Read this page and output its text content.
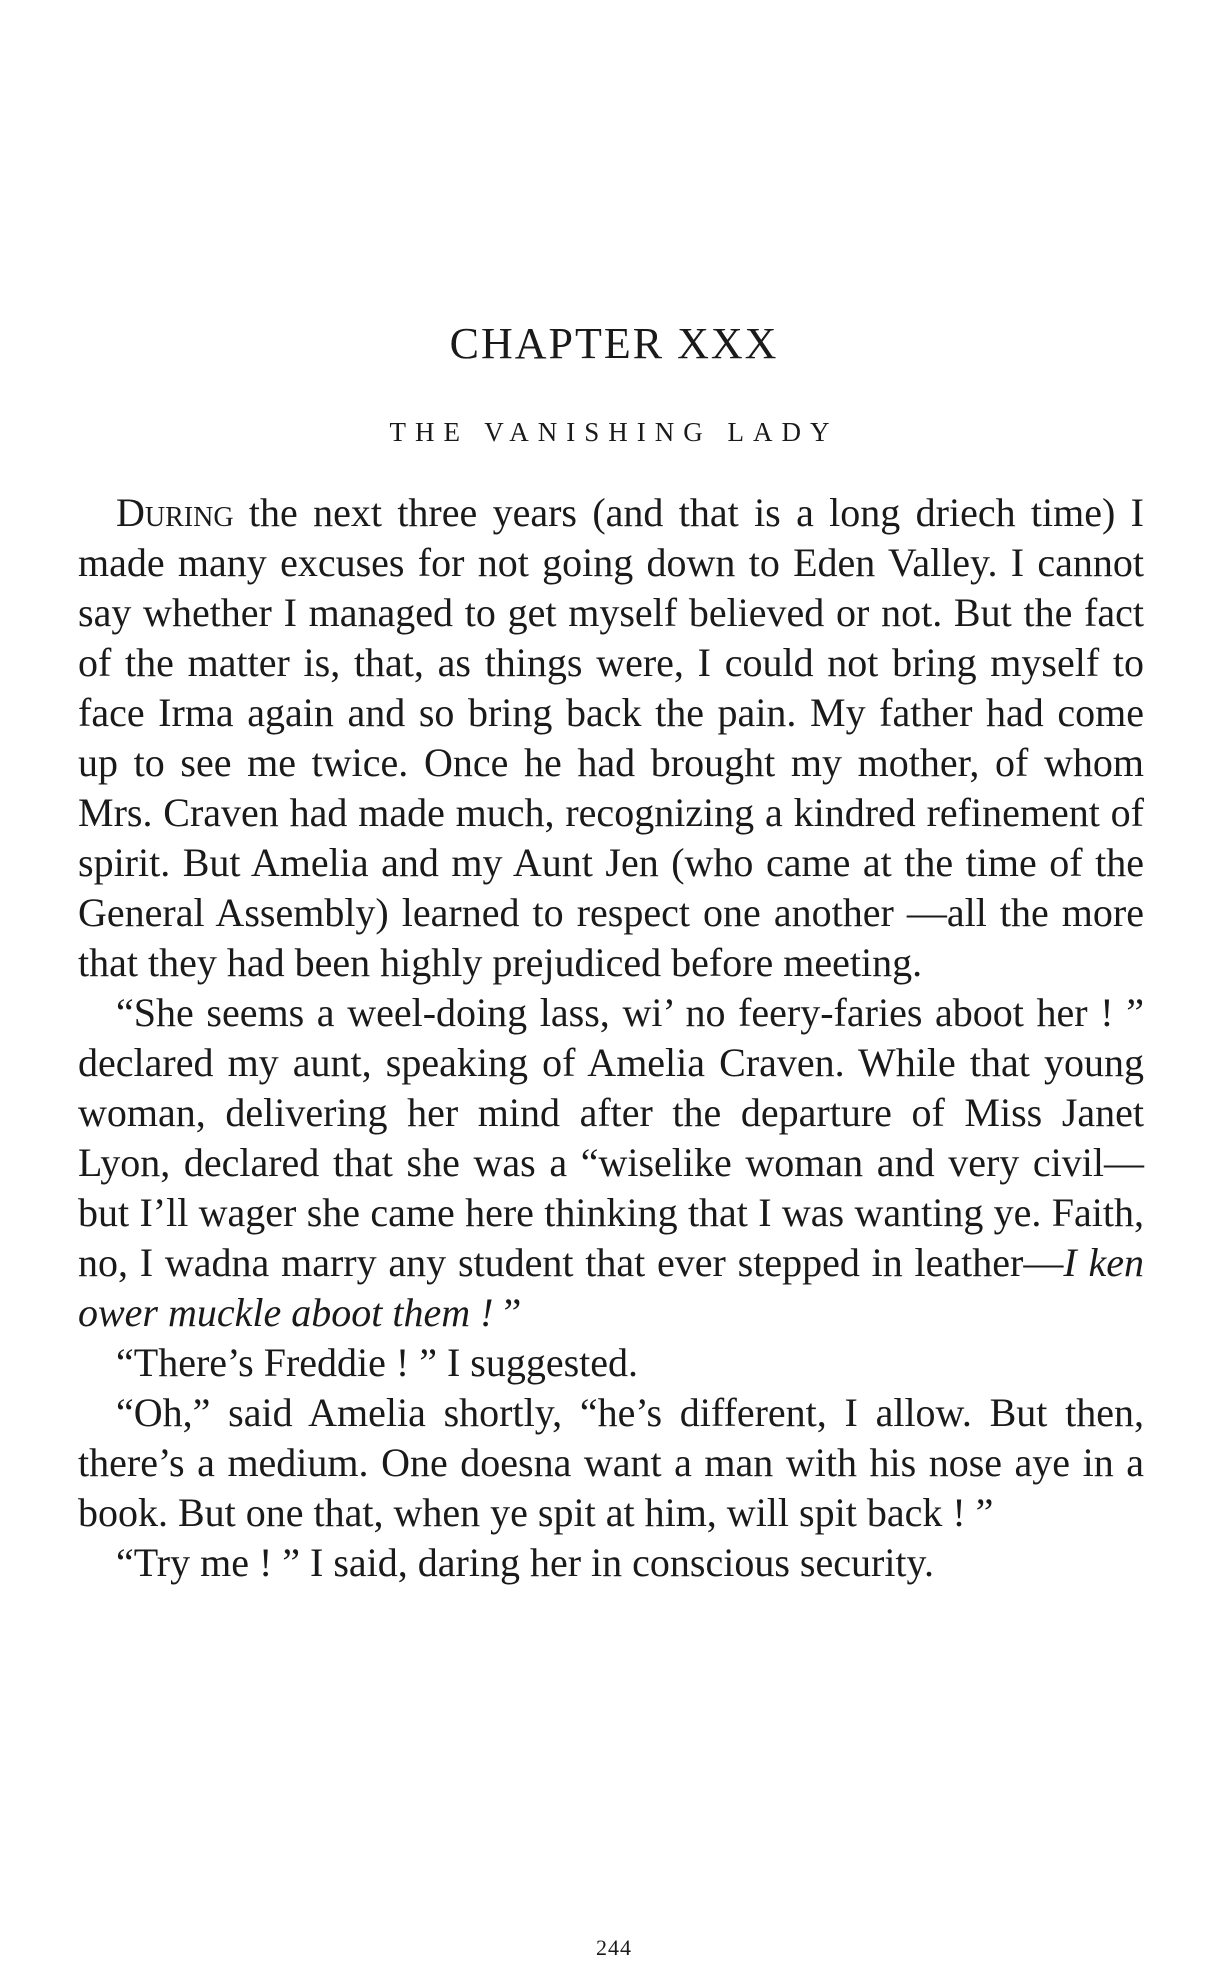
CHAPTER XXX
THE VANISHING LADY

During the next three years (and that is a long driech time) I made many excuses for not going down to Eden Valley. I cannot say whether I managed to get myself believed or not. But the fact of the matter is, that, as things were, I could not bring myself to face Irma again and so bring back the pain. My father had come up to see me twice. Once he had brought my mother, of whom Mrs. Craven had made much, recognizing a kindred refinement of spirit. But Amelia and my Aunt Jen (who came at the time of the General Assembly) learned to respect one another —all the more that they had been highly prejudiced before meeting.

“She seems a weel-doing lass, wi’ no feery-faries aboot her ! ” declared my aunt, speaking of Amelia Craven. While that young woman, delivering her mind after the departure of Miss Janet Lyon, declared that she was a “wiselike woman and very civil—but I’ll wager she came here thinking that I was wanting ye. Faith, no, I wadna marry any student that ever stepped in leather—I ken ower muckle aboot them ! ”

“There’s Freddie ! ” I suggested.

“Oh,” said Amelia shortly, “he’s different, I allow. But then, there’s a medium. One doesna want a man with his nose aye in a book. But one that, when ye spit at him, will spit back ! ”

“Try me ! ” I said, daring her in conscious security.

244
